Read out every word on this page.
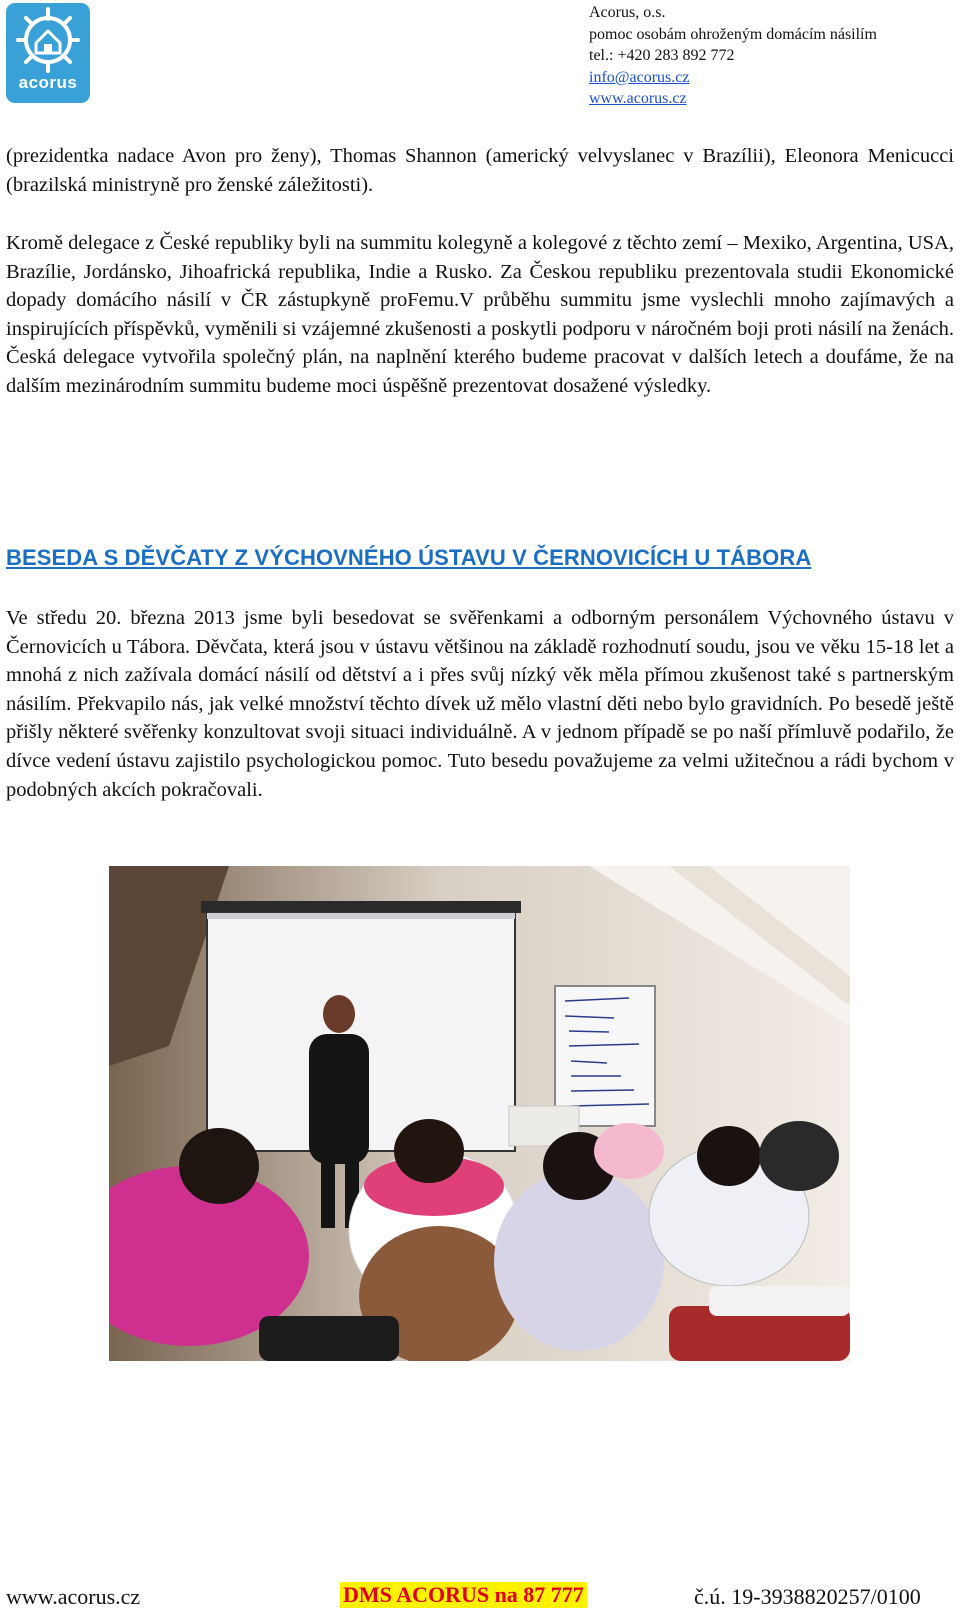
acorus
Acorus, o.s.
pomoc osobám ohroženým domácím násilím
tel.: +420 283 892 772
info@acorus.cz
www.acorus.cz

(prezidentka nadace Avon pro ženy), Thomas Shannon (americký velvyslanec v Brazílii), Eleonora Menicucci (brazilská ministryně pro ženské záležitosti).

Kromě delegace z České republiky byli na summitu kolegyně a kolegové z těchto zemí – Mexiko, Argentina, USA, Brazílie, Jordánsko, Jihoafrická republika, Indie a Rusko. Za Českou republiku prezentovala studii Ekonomické dopady domácího násilí v ČR zástupkyně proFemu.V průběhu summitu jsme vyslechli mnoho zajímavých a inspirujících příspěvků, vyměnili si vzájemné zkušenosti a poskytli podporu v náročném boji proti násilí na ženách. Česká delegace vytvořila společný plán, na naplnění kterého budeme pracovat v dalších letech a doufáme, že na dalším mezinárodním summitu budeme moci úspěšně prezentovat dosažené výsledky.

BESEDA S DĚVČATY Z VÝCHOVNÉHO ÚSTAVU V ČERNOVICÍCH U TÁBORA

Ve středu 20. března 2013 jsme byli besedovat se svěřenkami a odborným personálem Výchovného ústavu v Černovicích u Tábora. Děvčata, která jsou v ústavu většinou na základě rozhodnutí soudu, jsou ve věku 15-18 let a mnohá z nich zažívala domácí násilí od dětství a i přes svůj nízký věk měla přímou zkušenost také s partnerským násilím. Překvapilo nás, jak velké množství těchto dívek už mělo vlastní děti nebo bylo gravidních. Po besedě ještě přišly některé svěřenky konzultovat svoji situaci individuálně. A v jednom případě se po naší přímluvě podařilo, že dívce vedení ústavu zajistilo psychologickou pomoc. Tuto besedu považujeme za velmi užitečnou a rádi bychom v podobných akcích pokračovali.

www.acorus.cz	DMS ACORUS na 87 777	č.ú. 19-3938820257/0100
